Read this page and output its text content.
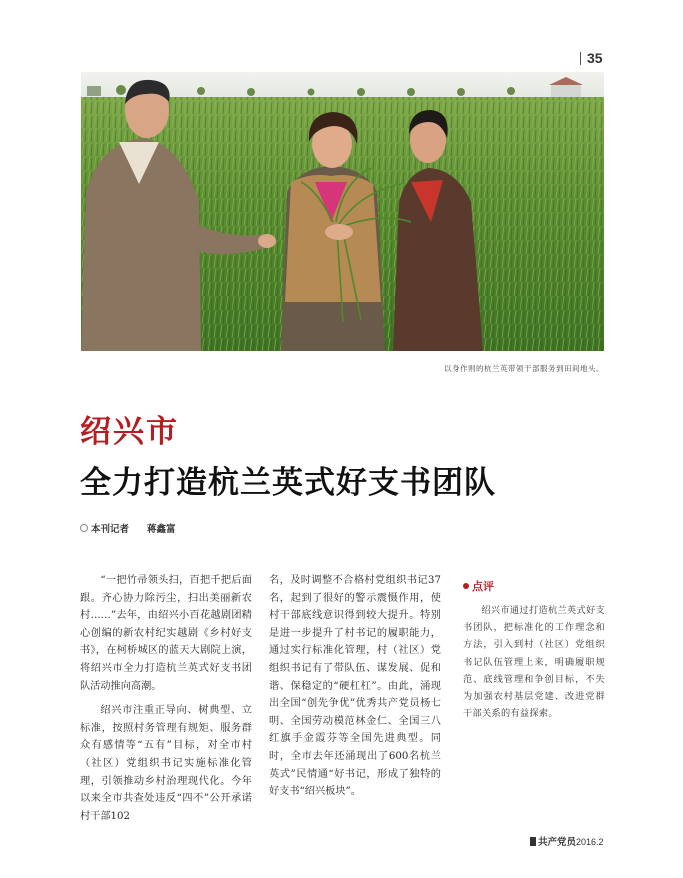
35
以身作则的杭兰英带领干部服务到田间地头。
绍兴市
全力打造杭兰英式好支书团队
本刊记者 蒋鑫富

“一把竹帚领头扫，百把千把后面跟。齐心协力除污尘，扫出美丽新农村……”去年，由绍兴小百花越剧团精心创编的新农村纪实越剧《乡村好支书》，在柯桥城区的蓝天大剧院上演，将绍兴市全力打造杭兰英式好支书团队活动推向高潮。

绍兴市注重正导向、树典型、立标准，按照村务管理有规矩、服务群众有感情等“五有”目标，对全市村（社区）党组织书记实施标准化管理，引领推动乡村治理现代化。今年以来全市共查处违反“四不”公开承诺村干部102

名，及时调整不合格村党组织书记37名，起到了很好的警示震慑作用，使村干部底线意识得到较大提升。特别是进一步提升了村书记的履职能力，通过实行标准化管理，村（社区）党组织书记有了带队伍、谋发展、促和谐、保稳定的“硬杠杠”。由此，涌现出全国“创先争优”优秀共产党员杨七明、全国劳动模范林金仁、全国三八红旗手金霞芬等全国先进典型。同时，全市去年还涌现出了600名杭兰英式”民情通“好书记，形成了独特的好支书“绍兴板块”。

点评
绍兴市通过打造杭兰英式好支书团队，把标准化的工作理念和方法，引入到村（社区）党组织书记队伍管理上来，明确履职规范、底线管理和争创目标，不失为加强农村基层党建、改进党群干部关系的有益探索。
共产党员2016.2
